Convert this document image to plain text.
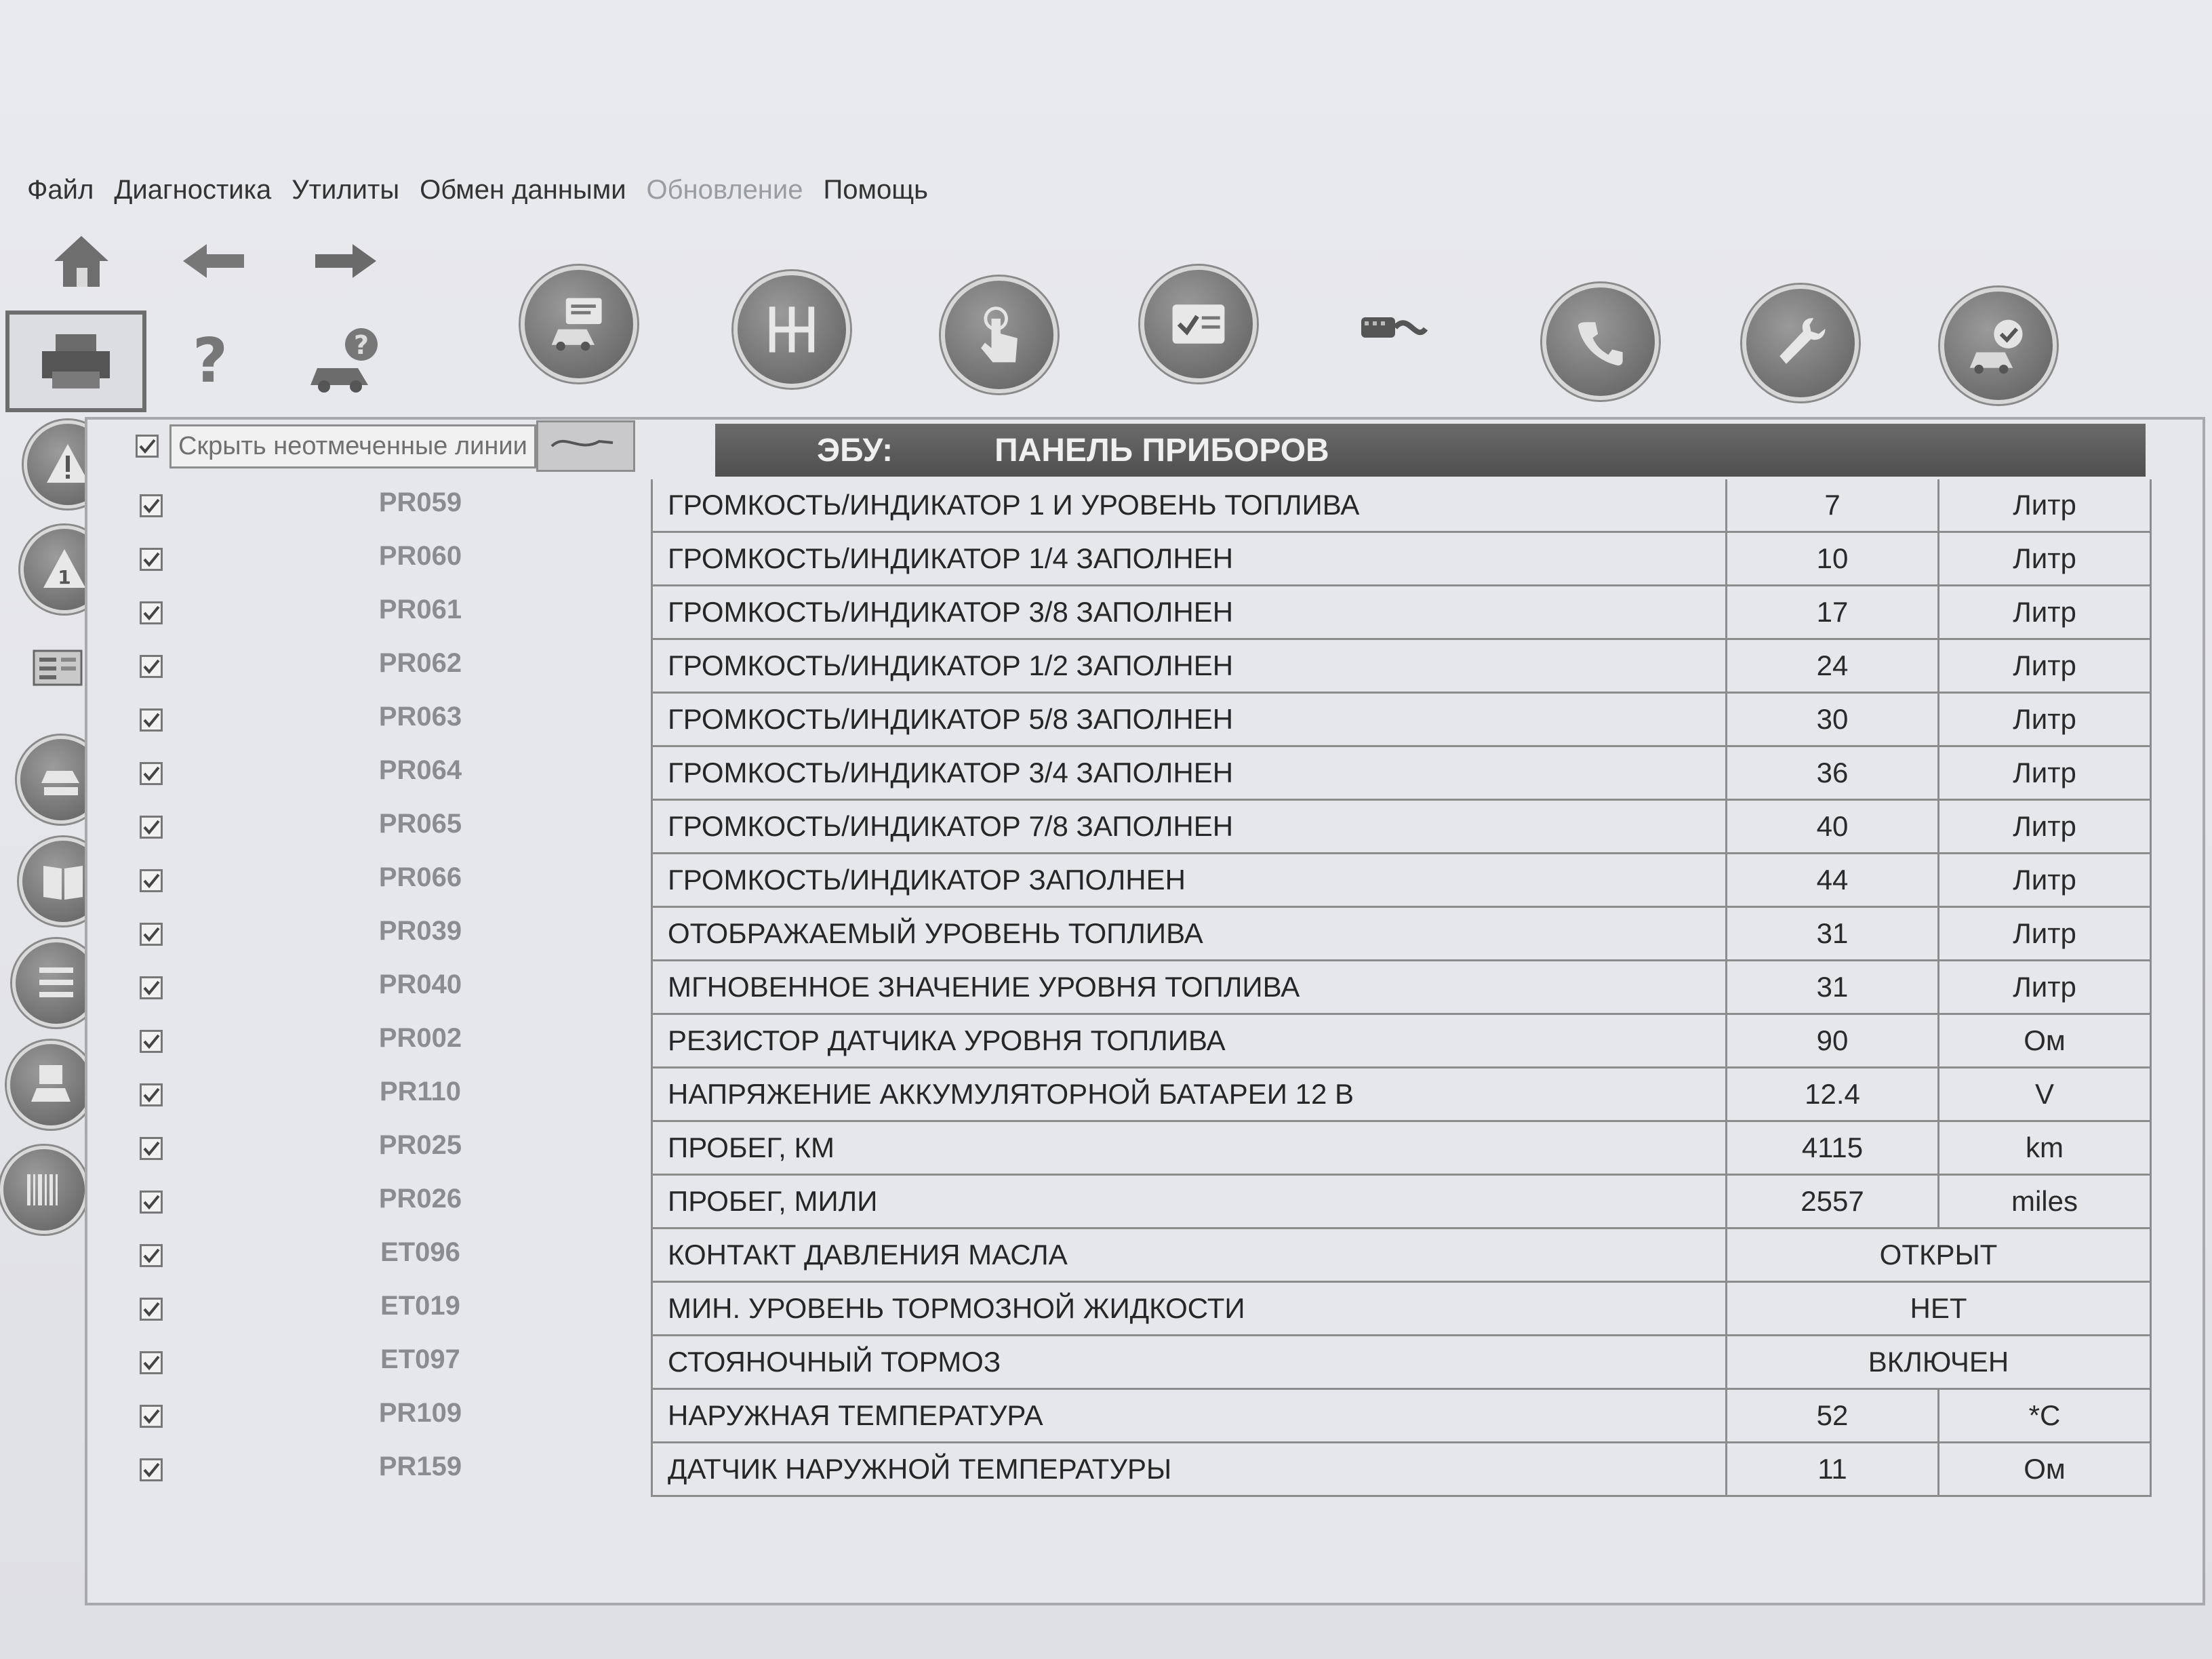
Файл Диагностика Утилиты Обмен данными Обновление Помощь
?	?
1
Скрыть неотмеченные линии	ЭБУ:	ПАНЕЛЬ ПРИБОРОВ
PR059	ГРОМКОСТЬ/ИНДИКАТОР 1 И УРОВЕНЬ ТОПЛИВА	7	Литр
PR060	ГРОМКОСТЬ/ИНДИКАТОР 1/4 ЗАПОЛНЕН	10	Литр
PR061	ГРОМКОСТЬ/ИНДИКАТОР 3/8 ЗАПОЛНЕН	17	Литр
PR062	ГРОМКОСТЬ/ИНДИКАТОР 1/2 ЗАПОЛНЕН	24	Литр
PR063	ГРОМКОСТЬ/ИНДИКАТОР 5/8 ЗАПОЛНЕН	30	Литр
PR064	ГРОМКОСТЬ/ИНДИКАТОР 3/4 ЗАПОЛНЕН	36	Литр
PR065	ГРОМКОСТЬ/ИНДИКАТОР 7/8 ЗАПОЛНЕН	40	Литр
PR066	ГРОМКОСТЬ/ИНДИКАТОР ЗАПОЛНЕН	44	Литр
PR039	ОТОБРАЖАЕМЫЙ УРОВЕНЬ ТОПЛИВА	31	Литр
PR040	МГНОВЕННОЕ ЗНАЧЕНИЕ УРОВНЯ ТОПЛИВА	31	Литр
PR002	РЕЗИСТОР ДАТЧИКА УРОВНЯ ТОПЛИВА	90	Ом
PR110	НАПРЯЖЕНИЕ АККУМУЛЯТОРНОЙ БАТАРЕИ 12 В	12.4	V
PR025	ПРОБЕГ, КМ	4115	km
PR026	ПРОБЕГ, МИЛИ	2557	miles
ET096	КОНТАКТ ДАВЛЕНИЯ МАСЛА	ОТКРЫТ
ET019	МИН. УРОВЕНЬ ТОРМОЗНОЙ ЖИДКОСТИ	НЕТ
ET097	СТОЯНОЧНЫЙ ТОРМОЗ	ВКЛЮЧЕН
PR109	НАРУЖНАЯ ТЕМПЕРАТУРА	52	*C
PR159	ДАТЧИК НАРУЖНОЙ ТЕМПЕРАТУРЫ	11	Ом
